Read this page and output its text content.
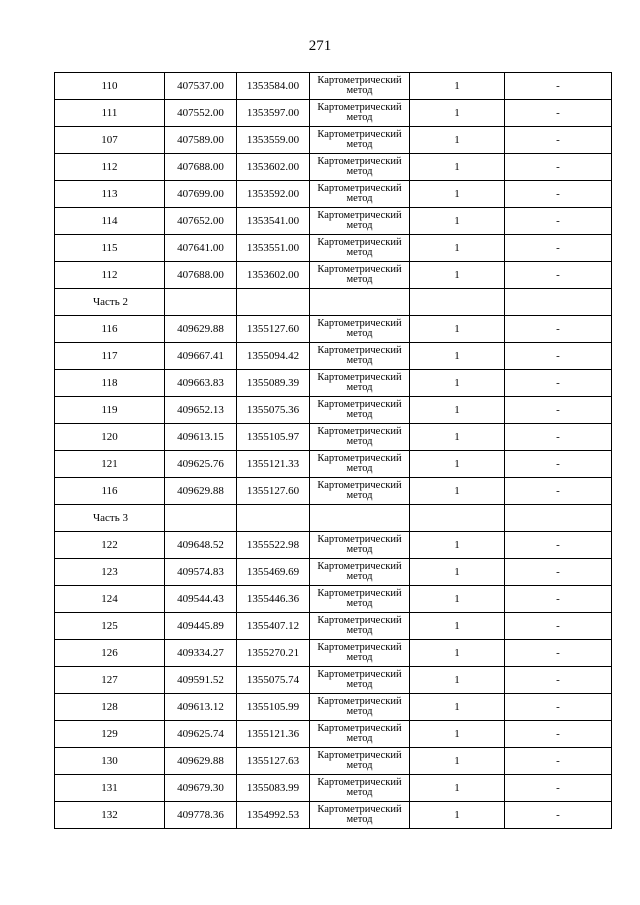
271
110	407537.00	1353584.00	Картометрический метод	1	-
111	407552.00	1353597.00	Картометрический метод	1	-
107	407589.00	1353559.00	Картометрический метод	1	-
112	407688.00	1353602.00	Картометрический метод	1	-
113	407699.00	1353592.00	Картометрический метод	1	-
114	407652.00	1353541.00	Картометрический метод	1	-
115	407641.00	1353551.00	Картометрический метод	1	-
112	407688.00	1353602.00	Картометрический метод	1	-
Часть 2					
116	409629.88	1355127.60	Картометрический метод	1	-
117	409667.41	1355094.42	Картометрический метод	1	-
118	409663.83	1355089.39	Картометрический метод	1	-
119	409652.13	1355075.36	Картометрический метод	1	-
120	409613.15	1355105.97	Картометрический метод	1	-
121	409625.76	1355121.33	Картометрический метод	1	-
116	409629.88	1355127.60	Картометрический метод	1	-
Часть 3					
122	409648.52	1355522.98	Картометрический метод	1	-
123	409574.83	1355469.69	Картометрический метод	1	-
124	409544.43	1355446.36	Картометрический метод	1	-
125	409445.89	1355407.12	Картометрический метод	1	-
126	409334.27	1355270.21	Картометрический метод	1	-
127	409591.52	1355075.74	Картометрический метод	1	-
128	409613.12	1355105.99	Картометрический метод	1	-
129	409625.74	1355121.36	Картометрический метод	1	-
130	409629.88	1355127.63	Картометрический метод	1	-
131	409679.30	1355083.99	Картометрический метод	1	-
132	409778.36	1354992.53	Картометрический метод	1	-
